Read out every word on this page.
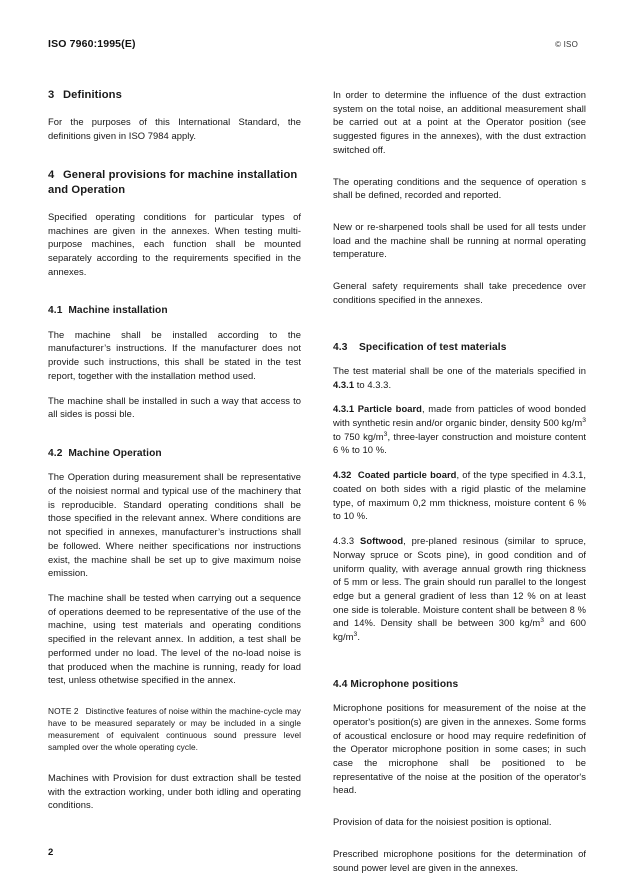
ISO 7960:1995(E)	© ISO
3 Definitions

For the purposes of this International Standard, the definitions given in ISO 7984 apply.

4 General provisions for machine installation and Operation

Specified operating conditions for particular types of machines are given in the annexes. When testing multi-purpose machines, each function shall be mounted separately according to the requirements specified in the annexes.

4.1 Machine installation

The machine shall be installed according to the manufacturer’s instructions. If the manufacturer does not provide such instructions, this shall be stated in the test report, together with the installation method used.

The machine shall be installed in such a way that access to all sides is possi ble.

4.2 Machine Operation

The Operation during measurement shall be representative of the noisiest normal and typical use of the machinery that is reproducible. Standard operating conditions shall be those specified in the relevant annex. Where conditions are not specified in annexes, manufacturer’s instructions shall be followed. Where neither specifications nor instructions exist, the machine shall be set up to give maximum noise emission.

The machine shall be tested when carrying out a sequence of operations deemed to be representative of the use of the machine, using test materials and operating conditions specified in the relevant annex. In addition, a test shall be performed under no load. The level of the no-load noise is that produced when the machine is running, ready for load test, unless othetwise specified in the annex.

NOTE 2 Distinctive features of noise within the machine-cycle may have to be measured separately or may be included in a single measurement of equivalent continuous sound pressure level sampled over the whole operating cycle.

Machines with Provision for dust extraction shall be tested with the extraction working, under both idling and operating conditions.

In order to determine the influence of the dust extraction system on the total noise, an additional measurement shall be carried out at a point at the Operator position (see suggested figures in the annexes), with the dust extraction switched off.

The operating conditions and the sequence of operation s shall be defined, recorded and reported.

New or re-sharpened tools shall be used for all tests under load and the machine shall be running at normal operating temperature.

General safety requirements shall take precedence over conditions specified in the annexes.

4.3 Specification of test materials

The test material shall be one of the materials specified in 4.3.1 to 4.3.3.

4.3.1 Particle board, made from patticles of wood bonded with synthetic resin and/or organic binder, density 500 $kg/m^3$ to 750 $kg/m^3$, three-layer construction and moisture content 6 % to 10 %.

4.32 Coated particle board, of the type specified in 4.3.1, coated on both sides with a rigid plastic of the melamine type, of maximum 0,2 mm thickness, moisture content 6 % to 10 %.

4.3.3 Softwood, pre-planed resinous (similar to spruce, Norway spruce or Scots pine), in good condition and of uniform quality, with average annual growth ring thickness of 5 mm or less. The grain should run parallel to the longest edge but a general gradient of less than 12 % on at least one side is tolerable. Moisture content shall be between 8 % and 14%. Density shall be between 300 $kg/m^3$ and 600 $kg/m^3$.

4.4 Microphone positions

Microphone positions for measurement of the noise at the operator's position(s) are given in the annexes. Some forms of acoustical enclosure or hood may require redefinition of the Operator microphone position in some cases; in such case the microphone shall be positioned to be representative of the noise at the position of the operator's head.

Provision of data for the noisiest position is optional.

Prescribed microphone positions for the determination of sound power level are given in the annexes.

2
